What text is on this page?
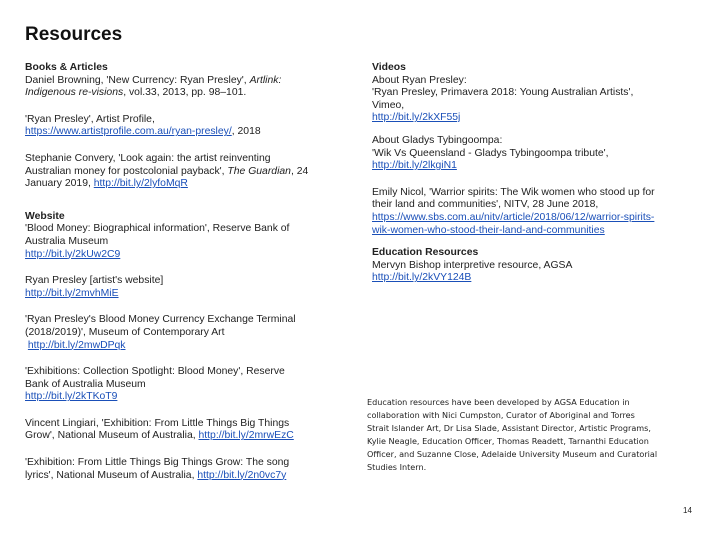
Resources
Books & Articles
Daniel Browning, 'New Currency: Ryan Presley', Artlink:
Indigenous re-visions, vol.33, 2013, pp. 98–101.
'Ryan Presley', Artist Profile,
https://www.artistprofile.com.au/ryan-presley/, 2018
Stephanie Convery, 'Look again: the artist reinventing
Australian money for postcolonial payback', The Guardian, 24
January 2019, http://bit.ly/2lyfoMqR
Website
'Blood Money: Biographical information', Reserve Bank of
Australia Museum
http://bit.ly/2kUw2C9
Ryan Presley [artist's website]
http://bit.ly/2mvhMiE
'Ryan Presley's Blood Money Currency Exchange Terminal
(2018/2019)', Museum of Contemporary Art
http://bit.ly/2mwDPqk
'Exhibitions: Collection Spotlight: Blood Money', Reserve
Bank of Australia Museum
http://bit.ly/2kTKoT9
Vincent Lingiari, 'Exhibition: From Little Things Big Things
Grow', National Museum of Australia, http://bit.ly/2mrwEzC
'Exhibition: From Little Things Big Things Grow: The song
lyrics', National Museum of Australia, http://bit.ly/2n0vc7y
Videos
About Ryan Presley:
'Ryan Presley, Primavera 2018: Young Australian Artists',
Vimeo,
http://bit.ly/2kXF55j
About Gladys Tybingoompa:
'Wik Vs Queensland - Gladys Tybingoompa tribute',
http://bit.ly/2lkgiN1
Emily Nicol, 'Warrior spirits: The Wik women who stood up for
their land and communities', NITV, 28 June 2018,
https://www.sbs.com.au/nitv/article/2018/06/12/warrior-spirits-
wik-women-who-stood-their-land-and-communities
Education Resources
Mervyn Bishop interpretive resource, AGSA
http://bit.ly/2kVY124B
Education resources have been developed by AGSA Education in
collaboration with Nici Cumpston, Curator of Aboriginal and Torres
Strait Islander Art, Dr Lisa Slade, Assistant Director, Artistic Programs,
Kylie Neagle, Education Officer, Thomas Readett, Tarnanthi Education
Officer, and Suzanne Close, Adelaide University Museum and Curatorial
Studies Intern.
14
